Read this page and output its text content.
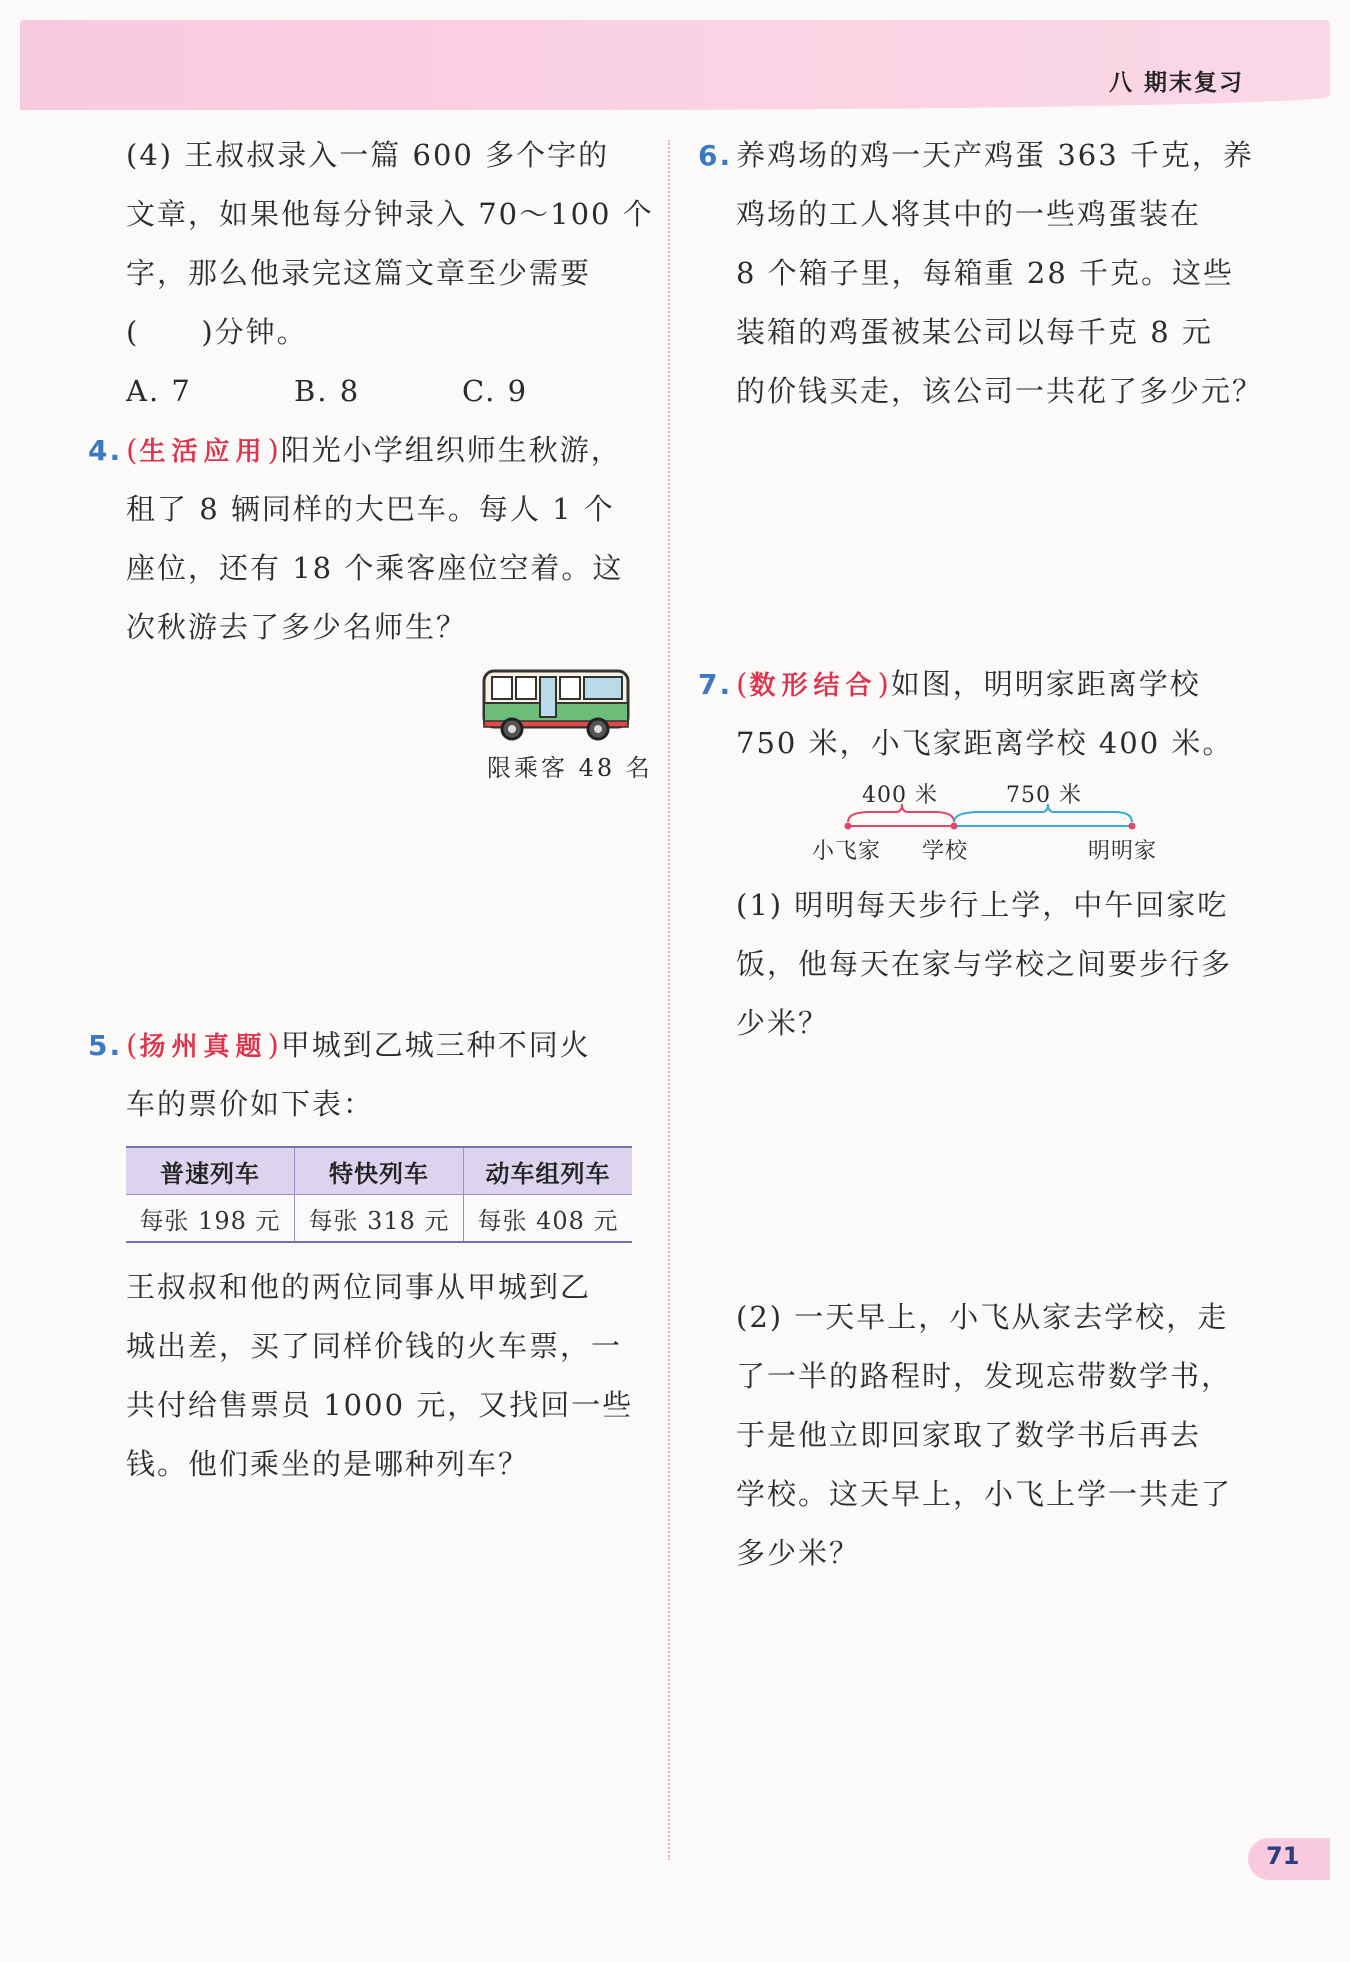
八 期末复习
(4) 王叔叔录入一篇 600 多个字的
文章，如果他每分钟录入 70～100 个
字，那么他录完这篇文章至少需要
(　　)分钟。
A. 7	B. 8	C. 9
4. (生活应用)阳光小学组织师生秋游，
租了 8 辆同样的大巴车。每人 1 个
座位，还有 18 个乘客座位空着。这
次秋游去了多少名师生？
限乘客 48 名
5. (扬州真题)甲城到乙城三种不同火
车的票价如下表：
普速列车	特快列车	动车组列车
每张 198 元	每张 318 元	每张 408 元
王叔叔和他的两位同事从甲城到乙
城出差，买了同样价钱的火车票，一
共付给售票员 1000 元，又找回一些
钱。他们乘坐的是哪种列车？
6. 养鸡场的鸡一天产鸡蛋 363 千克，养
鸡场的工人将其中的一些鸡蛋装在
8 个箱子里，每箱重 28 千克。这些
装箱的鸡蛋被某公司以每千克 8 元
的价钱买走，该公司一共花了多少元？
7. (数形结合)如图，明明家距离学校
750 米，小飞家距离学校 400 米。
400 米	750 米
小飞家 学校	明明家
(1) 明明每天步行上学，中午回家吃
饭，他每天在家与学校之间要步行多
少米？
(2) 一天早上，小飞从家去学校，走
了一半的路程时，发现忘带数学书，
于是他立即回家取了数学书后再去
学校。这天早上，小飞上学一共走了
多少米？
71
